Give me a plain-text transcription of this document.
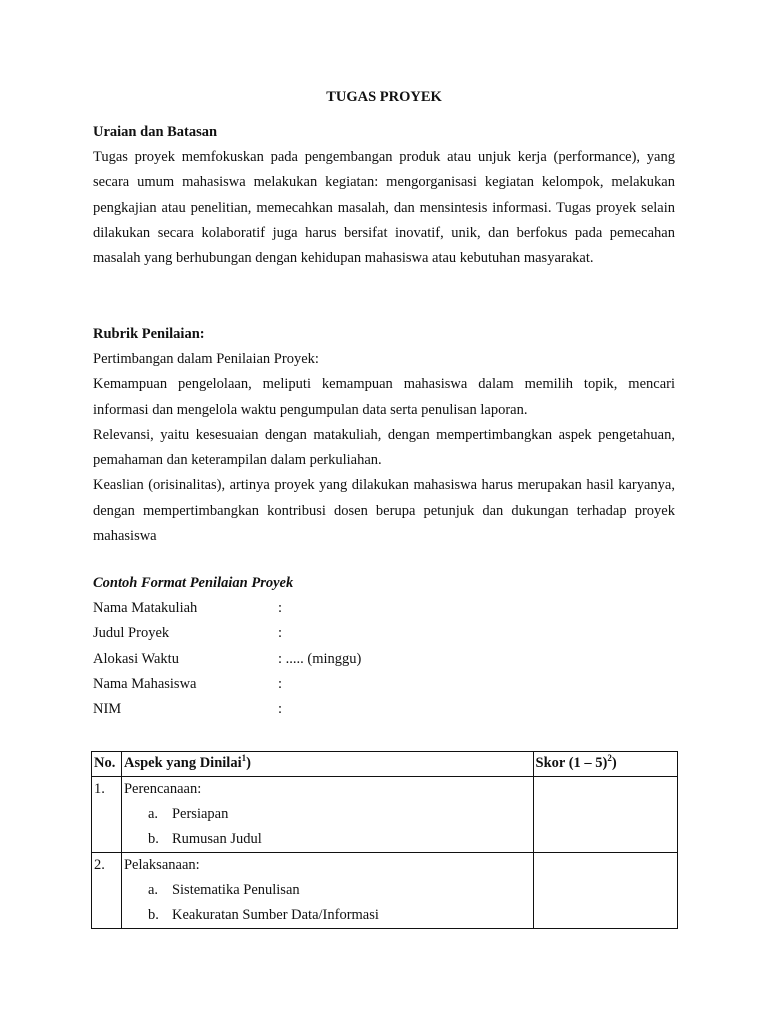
TUGAS PROYEK
Uraian dan Batasan

Tugas proyek memfokuskan pada pengembangan produk atau unjuk kerja (performance), yang secara umum mahasiswa melakukan kegiatan: mengorganisasi kegiatan kelompok, melakukan pengkajian atau penelitian, memecahkan masalah, dan mensintesis informasi. Tugas proyek selain dilakukan secara kolaboratif juga harus bersifat inovatif, unik, dan berfokus pada pemecahan masalah yang berhubungan dengan kehidupan mahasiswa atau kebutuhan masyarakat.

Rubrik Penilaian:

Pertimbangan dalam Penilaian Proyek:

Kemampuan pengelolaan, meliputi kemampuan mahasiswa dalam memilih topik, mencari informasi dan mengelola waktu pengumpulan data serta penulisan laporan.

Relevansi, yaitu kesesuaian dengan matakuliah, dengan mempertimbangkan aspek pengetahuan, pemahaman dan keterampilan dalam perkuliahan.

Keaslian (orisinalitas), artinya proyek yang dilakukan mahasiswa harus merupakan hasil karyanya, dengan mempertimbangkan kontribusi dosen berupa petunjuk dan dukungan terhadap proyek mahasiswa

Contoh Format Penilaian Proyek
Nama Matakuliah	:
Judul Proyek	:
Alokasi Waktu	: ..... (minggu)
Nama Mahasiswa	:
NIM	:
No.	Aspek yang Dinilai$^1$)	Skor (1 – 5)$^2$)
1.	Perencanaan:
a. Persiapan
b. Rumusan Judul	

2.	Pelaksanaan:
a. Sistematika Penulisan
b. Keakuratan Sumber Data/Informasi	
